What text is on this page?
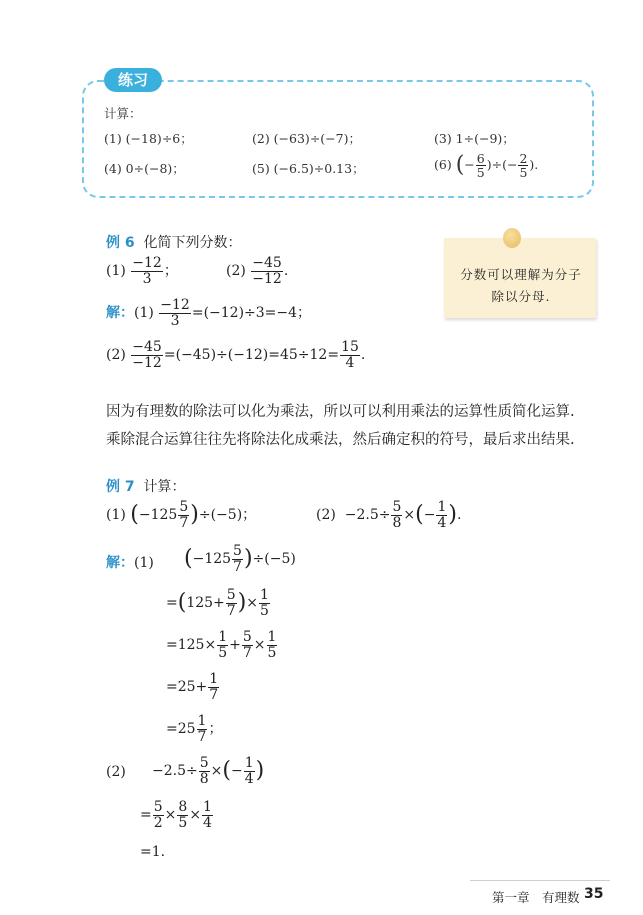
练习
计算：
(1) (−18)÷6；	(2) (−63)÷(−7)；	(3) 1÷(−9)；
(4) 0÷(−8)；	(5) (−6.5)÷0.13；	(6) (− $\frac{6}{5}$ )÷(− $\frac{2}{5}$ ).
例 6 化简下列分数：
$(1) \frac{-12}{3}$ ；	$(2) \frac{-45}{-12}$ .
解：$(1) \frac{-12}{3} =(-12)\div 3=-4$；
$(2) \frac{-45}{-12} =(-45)\div(-12)=45\div 12= \frac{15}{4}$ .
分数可以理解为分子除以分母.
因为有理数的除法可以化为乘法，所以可以利用乘法的运算性质简化运算.
乘除混合运算往往先将除法化成乘法，然后确定积的符号，最后求出结果.
例 7 计算：
(1) $(-125 \frac{5}{7} )\div(-5)$；	$(2) -2.5\div \frac{5}{8}$ ×(− $\frac{1}{4}$ ).
解：(1) $(-125 \frac{5}{7} )\div(-5)$
$=(125+ \frac{5}{7}$ )× $\frac{1}{5}$
$=125\times \frac{1}{5} + \frac{5}{7} \times \frac{1}{5}$
$=25+ \frac{1}{7}$
$=25 \frac{1}{7}$ ；
$(2) -2.5\div \frac{5}{8}$ ×(− $\frac{1}{4}$ )
= $\frac{5}{2} \times \frac{8}{5} \times \frac{1}{4}$
=1.
第一章　有理数 35
